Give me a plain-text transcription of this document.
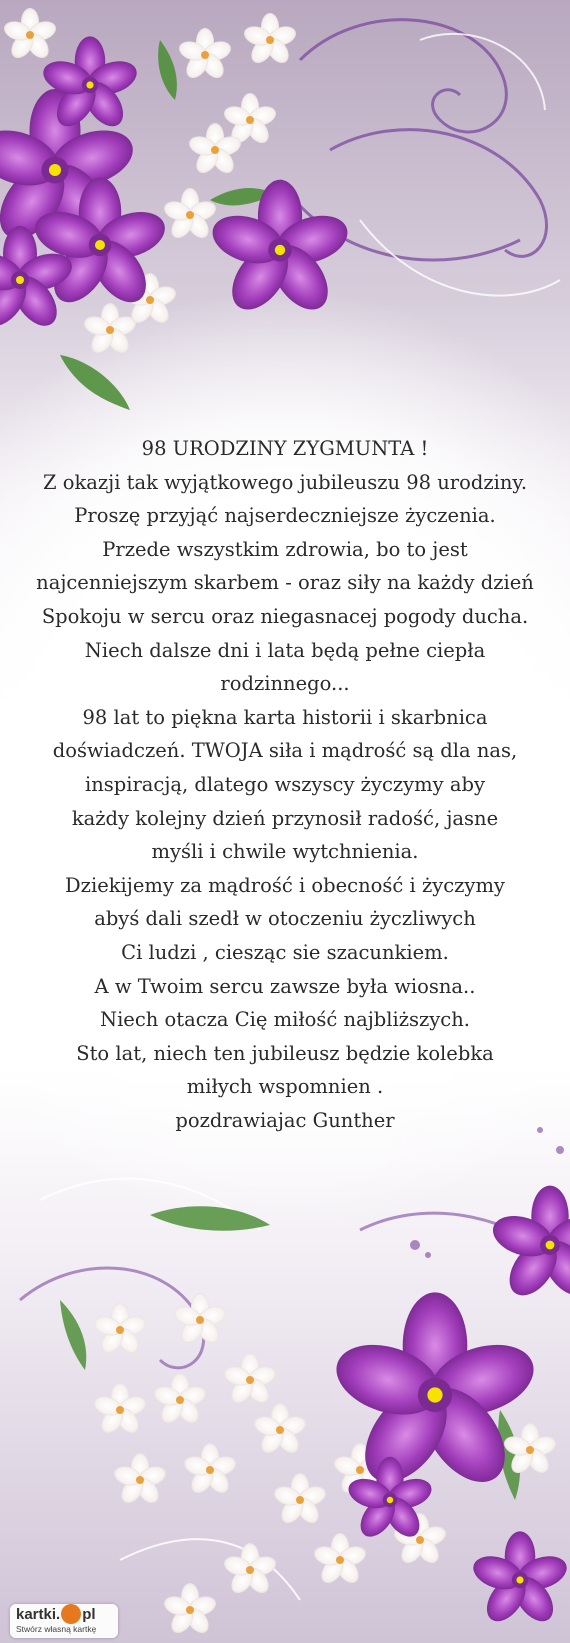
98 URODZINY ZYGMUNTA !
Z okazji tak wyjątkowego jubileuszu 98 urodziny.
Proszę przyjąć najserdeczniejsze życzenia.
Przede wszystkim zdrowia, bo to jest
najcenniejszym skarbem - oraz siły na każdy dzień
Spokoju w sercu oraz niegasnacej pogody ducha.
Niech dalsze dni i lata będą pełne ciepła
rodzinnego...
98 lat to piękna karta historii i skarbnica
doświadczeń. TWOJA siła i mądrość są dla nas,
inspiracją, dlatego wszyscy życzymy aby
każdy kolejny dzień przynosił radość, jasne
myśli i chwile wytchnienia.
Dziekijemy za mądrość i obecność i życzymy
abyś dali szedł w otoczeniu życzliwych
Ci ludzi , ciesząc sie szacunkiem.
A w Twoim sercu zawsze była wiosna..
Niech otacza Cię miłość najbliższych.
Sto lat, niech ten jubileusz będzie kolebka
miłych wspomnien .
pozdrawiajac Gunther
kartki. pl
Stwórz własną kartkę
